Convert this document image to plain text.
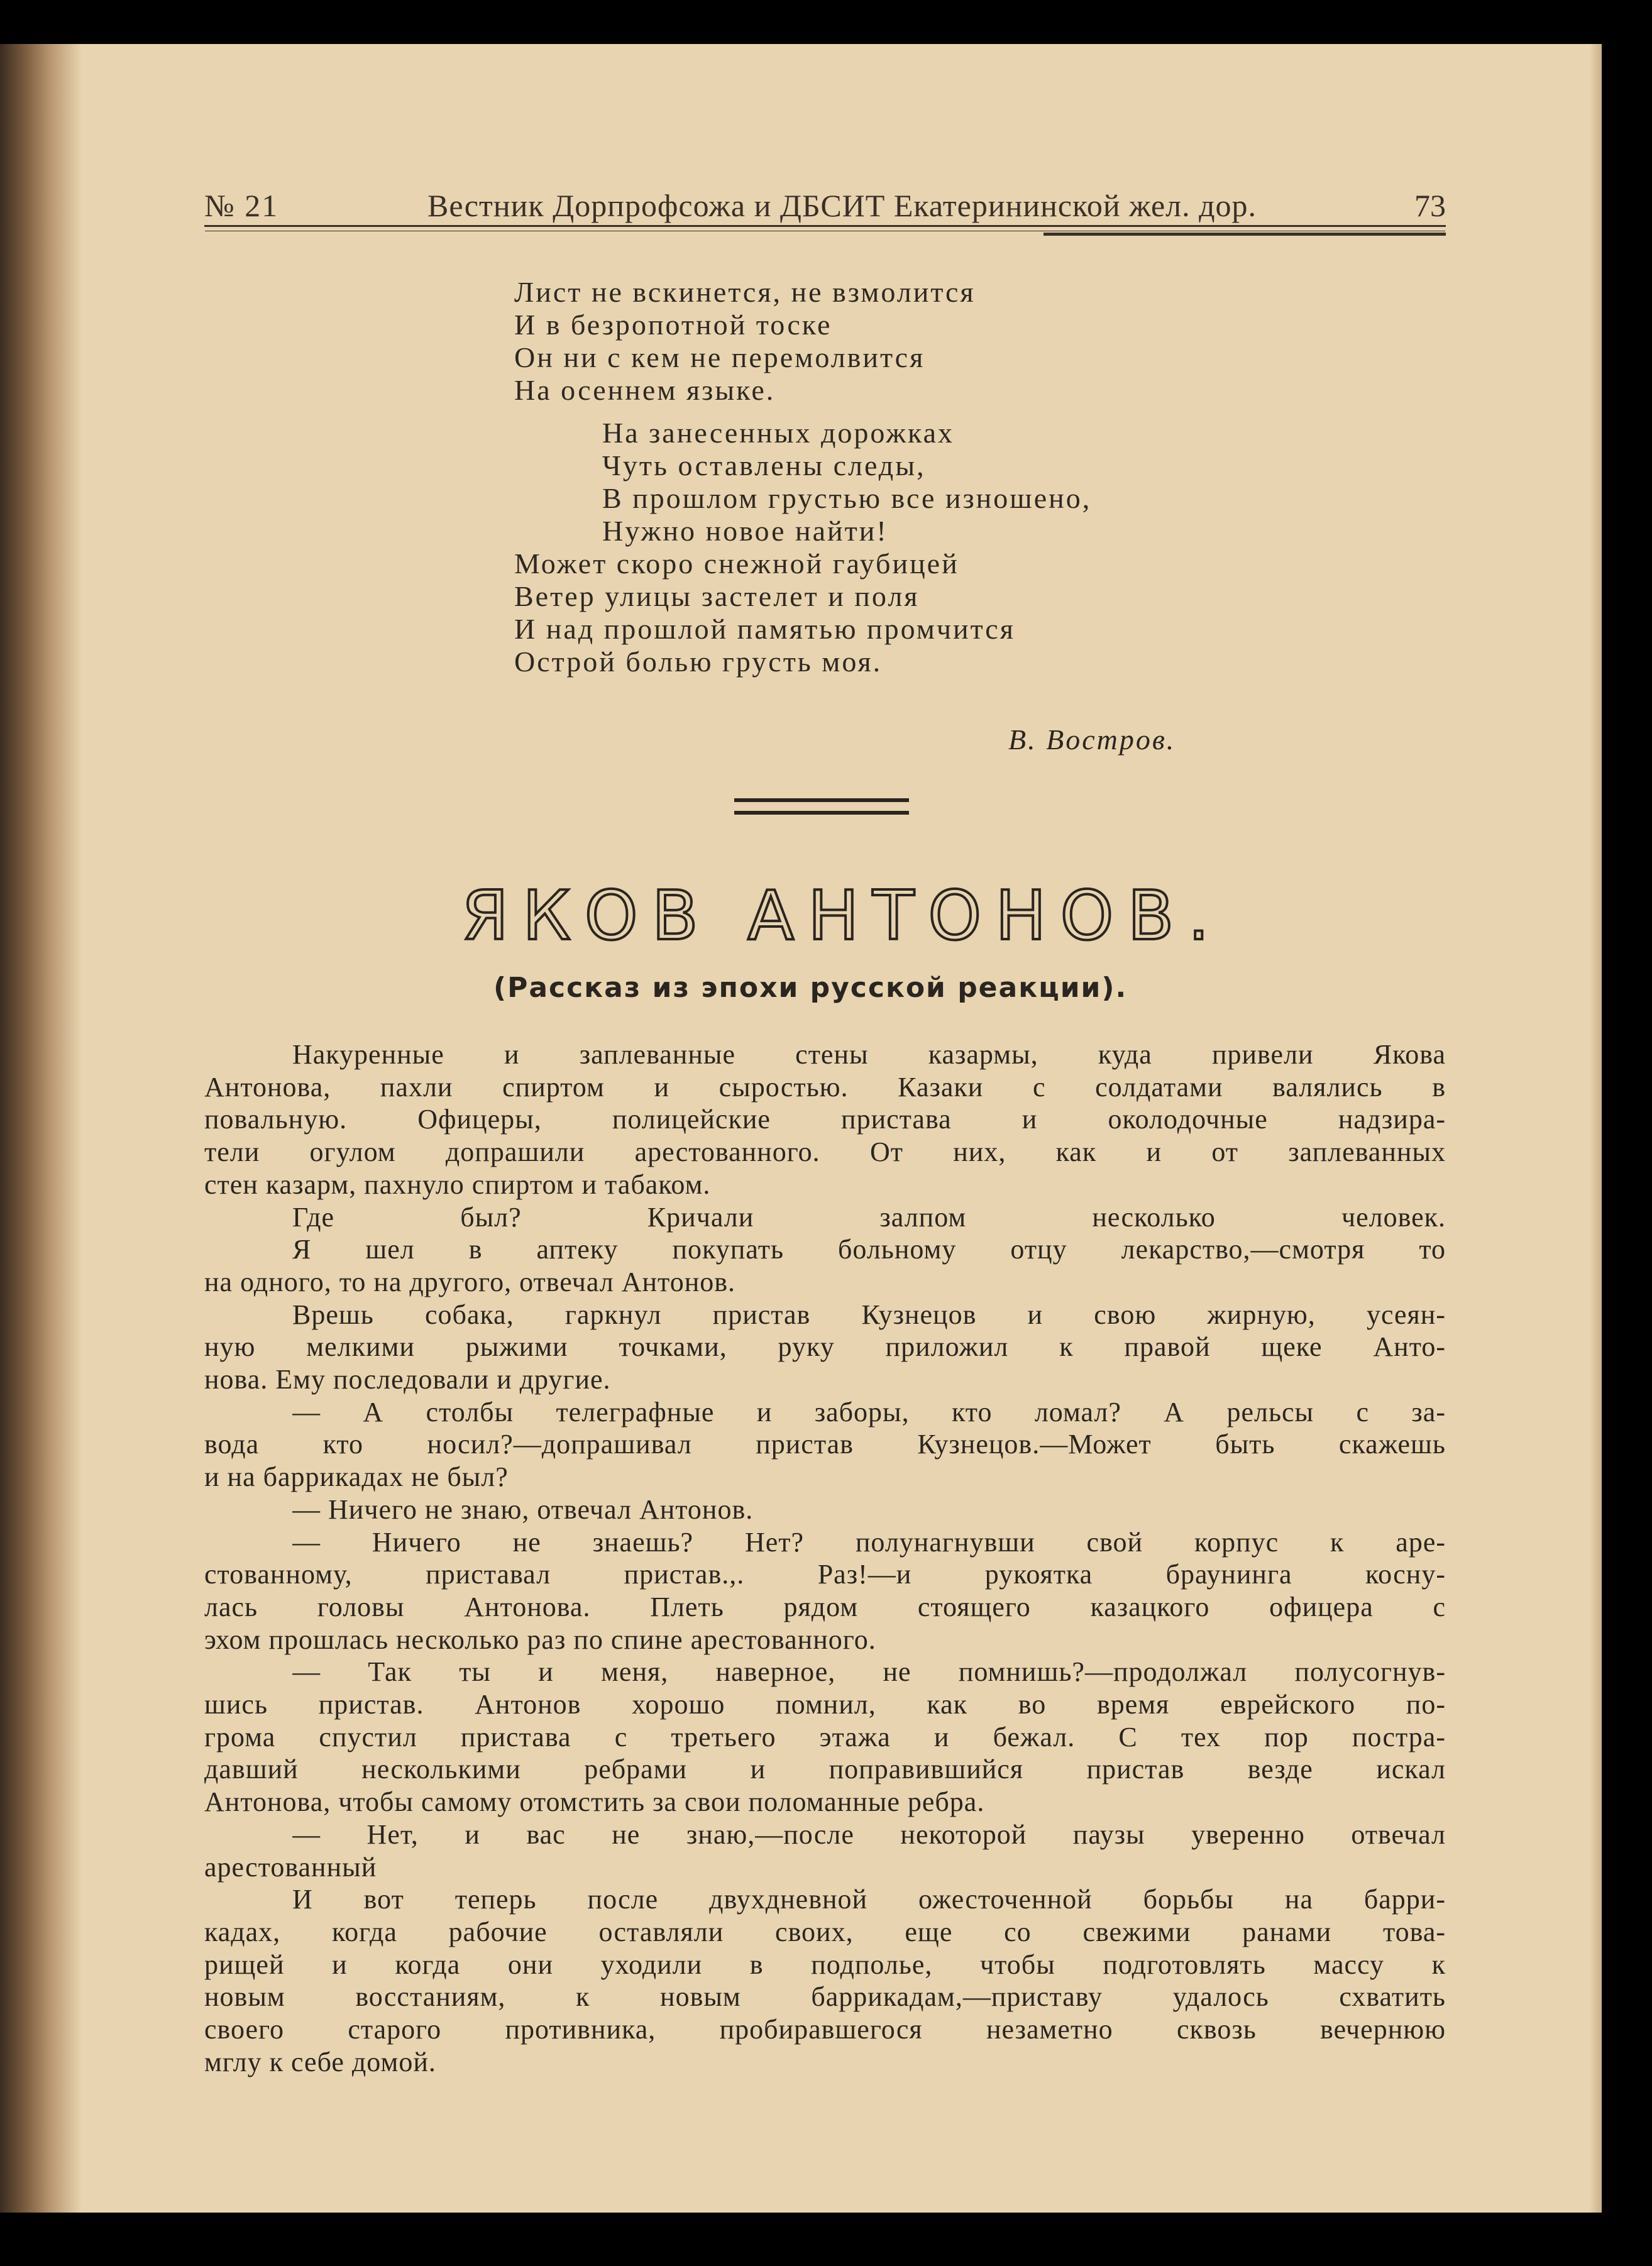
№ 21	Вестник Дорпрофсожа и ДБСИТ Екатерининской жел. дор.	73
Лист не вскинется, не взмолится
И в безропотной тоске
Он ни с кем не перемолвится
На осеннем языке.
На занесенных дорожках
Чуть оставлены следы,
В прошлом грустью все изношено,
Нужно новое найти!
Может скоро снежной гаубицей
Ветер улицы застелет и поля
И над прошлой памятью промчится
Острой болью грусть моя.
В. Востров.
ЯКОВ АНТОНОВ.
(Рассказ из эпохи русской реакции).
Накуренные и заплеванные стены казармы, куда привели Якова
Антонова, пахли спиртом и сыростью. Казаки с солдатами валялись в
повальную. Офицеры, полицейские пристава и околодочные надзира-
тели огулом допрашили арестованного. От них, как и от заплеванных
стен казарм, пахнуло спиртом и табаком.
Где был? Кричали залпом несколько человек.
Я шел в аптеку покупать больному отцу лекарство,—смотря то
на одного, то на другого, отвечал Антонов.
Врешь собака, гаркнул пристав Кузнецов и свою жирную, усеян-
ную мелкими рыжими точками, руку приложил к правой щеке Анто-
нова. Ему последовали и другие.
— А столбы телеграфные и заборы, кто ломал? А рельсы с за-
вода кто носил?—допрашивал пристав Кузнецов.—Может быть скажешь
и на баррикадах не был?
— Ничего не знаю, отвечал Антонов.
— Ничего не знаешь? Нет? полунагнувши свой корпус к аре-
стованному, приставал пристав.,. Раз!—и рукоятка браунинга косну-
лась головы Антонова. Плеть рядом стоящего казацкого офицера с
эхом прошлась несколько раз по спине арестованного.
— Так ты и меня, наверное, не помнишь?—продолжал полусогнув-
шись пристав. Антонов хорошо помнил, как во время еврейского по-
грома спустил пристава с третьего этажа и бежал. С тех пор постра-
давший несколькими ребрами и поправившийся пристав везде искал
Антонова, чтобы самому отомстить за свои поломанные ребра.
— Нет, и вас не знаю,—после некоторой паузы уверенно отвечал
арестованный
И вот теперь после двухдневной ожесточенной борьбы на барри-
кадах, когда рабочие оставляли своих, еще со свежими ранами това-
рищей и когда они уходили в подполье, чтобы подготовлять массу к
новым восстаниям, к новым баррикадам,—приставу удалось схватить
своего старого противника, пробиравшегося незаметно сквозь вечернюю
мглу к себе домой.
